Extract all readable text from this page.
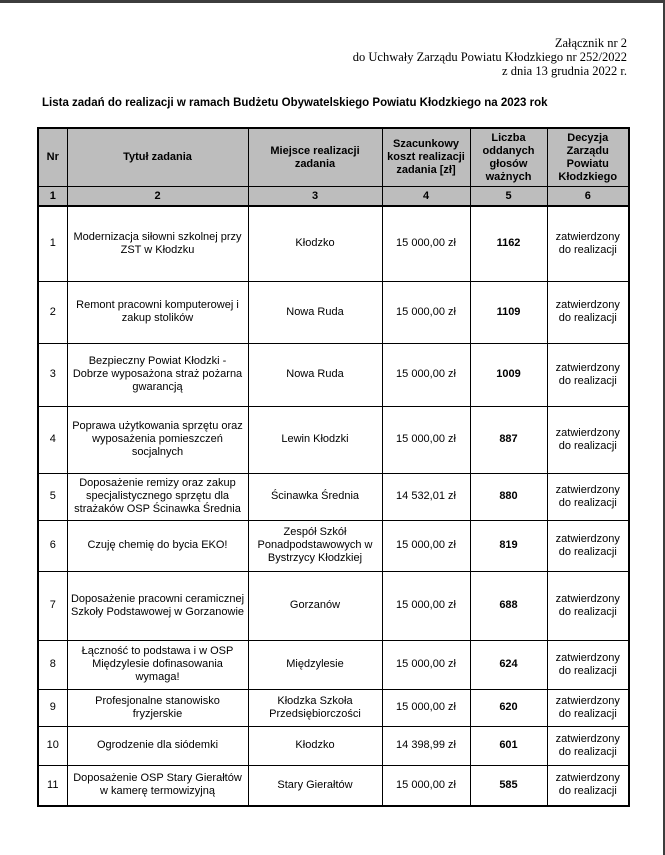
Załącznik nr 2
do Uchwały Zarządu Powiatu Kłodzkiego nr 252/2022
z dnia 13 grudnia 2022 r.
Lista zadań do realizacji w ramach Budżetu Obywatelskiego Powiatu Kłodzkiego na 2023 rok
Nr	Tytuł zadania	Miejsce realizacji zadania	Szacunkowy koszt realizacji zadania [zł]	Liczba oddanych głosów ważnych	Decyzja Zarządu Powiatu Kłodzkiego
1	2	3	4	5	6
1	Modernizacja siłowni szkolnej przy ZST w Kłodzku	Kłodzko	15 000,00 zł	1162	zatwierdzony do realizacji
2	Remont pracowni komputerowej i zakup stolików	Nowa Ruda	15 000,00 zł	1109	zatwierdzony do realizacji
3	Bezpieczny Powiat Kłodzki - Dobrze wyposażona straż pożarna gwarancją	Nowa Ruda	15 000,00 zł	1009	zatwierdzony do realizacji
4	Poprawa użytkowania sprzętu oraz wyposażenia pomieszczeń socjalnych	Lewin Kłodzki	15 000,00 zł	887	zatwierdzony do realizacji
5	Doposażenie remizy oraz zakup specjalistycznego sprzętu dla strażaków OSP Ścinawka Średnia	Ścinawka Średnia	14 532,01 zł	880	zatwierdzony do realizacji
6	Czuję chemię do bycia EKO!	Zespół Szkół Ponadpodstawowych w Bystrzycy Kłodzkiej	15 000,00 zł	819	zatwierdzony do realizacji
7	Doposażenie pracowni ceramicznej Szkoły Podstawowej w Gorzanowie	Gorzanów	15 000,00 zł	688	zatwierdzony do realizacji
8	Łączność to podstawa i w OSP Międzylesie dofinasowania wymaga!	Międzylesie	15 000,00 zł	624	zatwierdzony do realizacji
9	Profesjonalne stanowisko fryzjerskie	Kłodzka Szkoła Przedsiębiorczości	15 000,00 zł	620	zatwierdzony do realizacji
10	Ogrodzenie dla siódemki	Kłodzko	14 398,99 zł	601	zatwierdzony do realizacji
11	Doposażenie OSP Stary Gierałtów w kamerę termowizyjną	Stary Gierałtów	15 000,00 zł	585	zatwierdzony do realizacji
